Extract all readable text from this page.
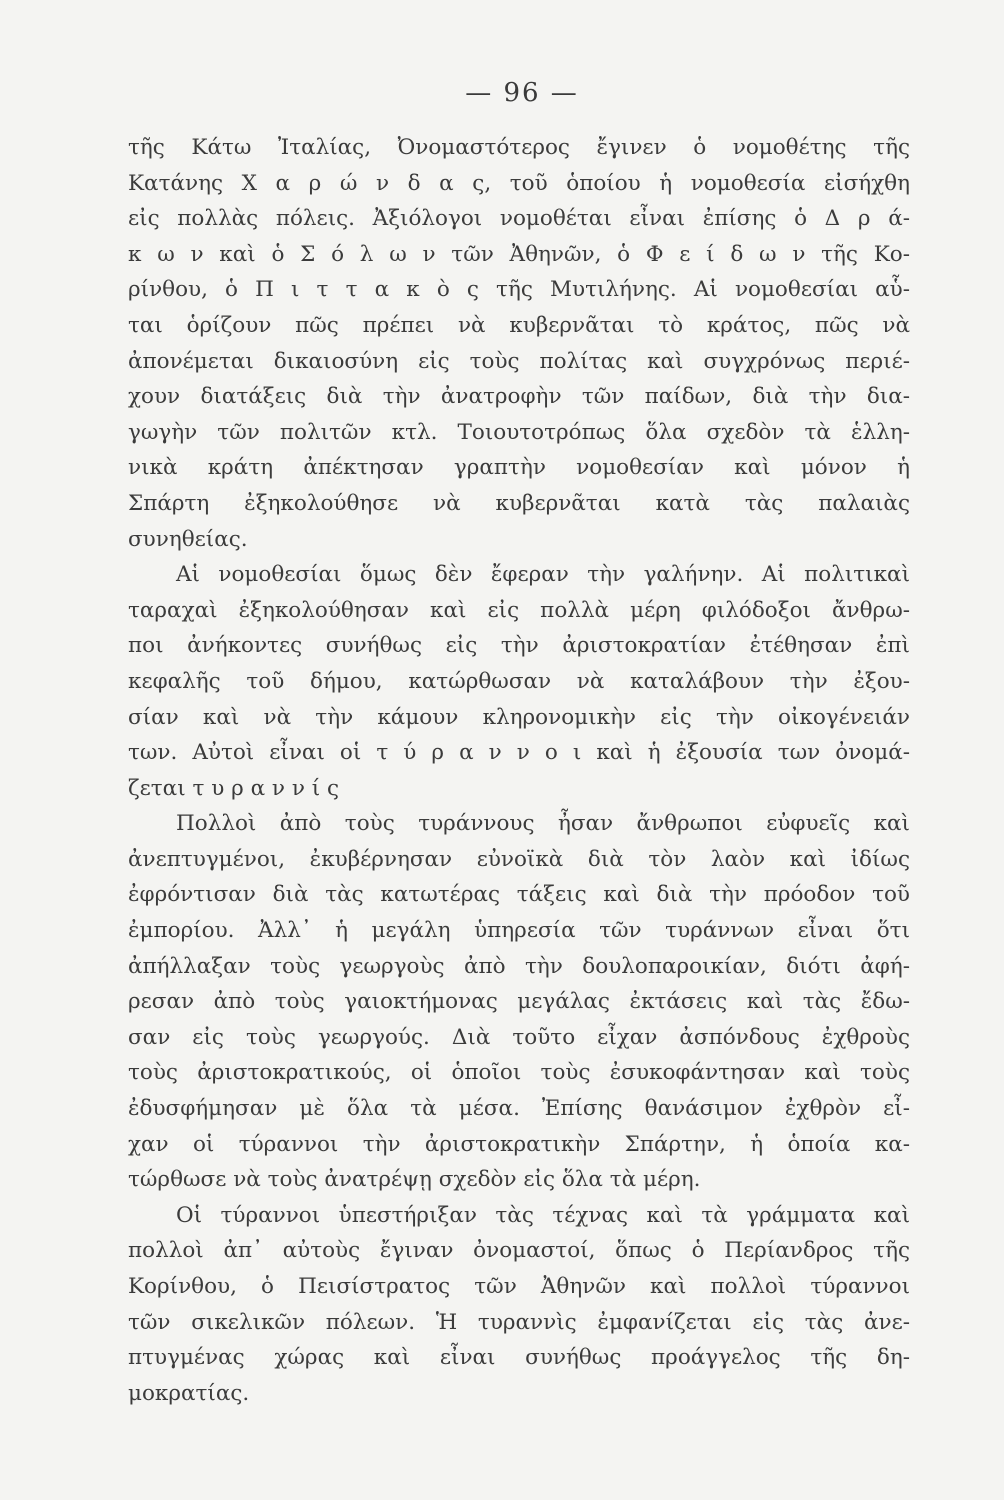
— 96 —
τῆς Κάτω Ἰταλίας, Ὀνομαστότερος ἔγινεν ὁ νομοθέτης τῆς
Κατάνης Χ α ρ ώ ν δ α ς, τοῦ ὁποίου ἡ νομοθεσία εἰσήχθη
εἰς πολλὰς πόλεις. Ἀξιόλογοι νομοθέται εἶναι ἐπίσης ὁ Δ ρ ά-
κ ω ν καὶ ὁ Σ ό λ ω ν τῶν Ἀθηνῶν, ὁ Φ ε ί δ ω ν τῆς Κο-
ρίνθου, ὁ Π ι τ τ α κ ὸ ς τῆς Μυτιλήνης. Αἱ νομοθεσίαι αὗ-
ται ὁρίζουν πῶς πρέπει νὰ κυβερνᾶται τὸ κράτος, πῶς νὰ
ἀπονέμεται δικαιοσύνη εἰς τοὺς πολίτας καὶ συγχρόνως περιέ-
χουν διατάξεις διὰ τὴν ἀνατροφὴν τῶν παίδων, διὰ τὴν δια-
γωγὴν τῶν πολιτῶν κτλ. Τοιουτοτρόπως ὅλα σχεδὸν τὰ ἑλλη-
νικὰ κράτη ἀπέκτησαν γραπτὴν νομοθεσίαν καὶ μόνον ἡ
Σπάρτη ἐξηκολούθησε νὰ κυβερνᾶται κατὰ τὰς παλαιὰς
συνηθείας.
Αἱ νομοθεσίαι ὅμως δὲν ἔφεραν τὴν γαλήνην. Αἱ πολιτικαὶ
ταραχαὶ ἐξηκολούθησαν καὶ εἰς πολλὰ μέρη φιλόδοξοι ἄνθρω-
ποι ἀνήκοντες συνήθως εἰς τὴν ἀριστοκρατίαν ἐτέθησαν ἐπὶ
κεφαλῆς τοῦ δήμου, κατώρθωσαν νὰ καταλάβουν τὴν ἐξου-
σίαν καὶ νὰ τὴν κάμουν κληρονομικὴν εἰς τὴν οἰκογένειάν
των. Αὐτοὶ εἶναι οἱ τ ύ ρ α ν ν ο ι καὶ ἡ ἐξουσία των ὀνομά-
ζεται τ υ ρ α ν ν ί ς
Πολλοὶ ἀπὸ τοὺς τυράννους ἦσαν ἄνθρωποι εὐφυεῖς καὶ
ἀνεπτυγμένοι, ἐκυβέρνησαν εὐνοϊκὰ διὰ τὸν λαὸν καὶ ἰδίως
ἐφρόντισαν διὰ τὰς κατωτέρας τάξεις καὶ διὰ τὴν πρόοδον τοῦ
ἐμπορίου. Ἀλλ᾽ ἡ μεγάλη ὑπηρεσία τῶν τυράννων εἶναι ὅτι
ἀπήλλαξαν τοὺς γεωργοὺς ἀπὸ τὴν δουλοπαροικίαν, διότι ἀφή-
ρεσαν ἀπὸ τοὺς γαιοκτήμονας μεγάλας ἐκτάσεις καὶ τὰς ἔδω-
σαν εἰς τοὺς γεωργούς. Διὰ τοῦτο εἶχαν ἀσπόνδους ἐχθροὺς
τοὺς ἀριστοκρατικούς, οἱ ὁποῖοι τοὺς ἐσυκοφάντησαν καὶ τοὺς
ἐδυσφήμησαν μὲ ὅλα τὰ μέσα. Ἐπίσης θανάσιμον ἐχθρὸν εἶ-
χαν οἱ τύραννοι τὴν ἀριστοκρατικὴν Σπάρτην, ἡ ὁποία κα-
τώρθωσε νὰ τοὺς ἀνατρέψῃ σχεδὸν εἰς ὅλα τὰ μέρη.
Οἱ τύραννοι ὑπεστήριξαν τὰς τέχνας καὶ τὰ γράμματα καὶ
πολλοὶ ἀπ᾽ αὐτοὺς ἔγιναν ὀνομαστοί, ὅπως ὁ Περίανδρος τῆς
Κορίνθου, ὁ Πεισίστρατος τῶν Ἀθηνῶν καὶ πολλοὶ τύραννοι
τῶν σικελικῶν πόλεων. Ἡ τυραννὶς ἐμφανίζεται εἰς τὰς ἀνε-
πτυγμένας χώρας καὶ εἶναι συνήθως προάγγελος τῆς δη-
μοκρατίας.
